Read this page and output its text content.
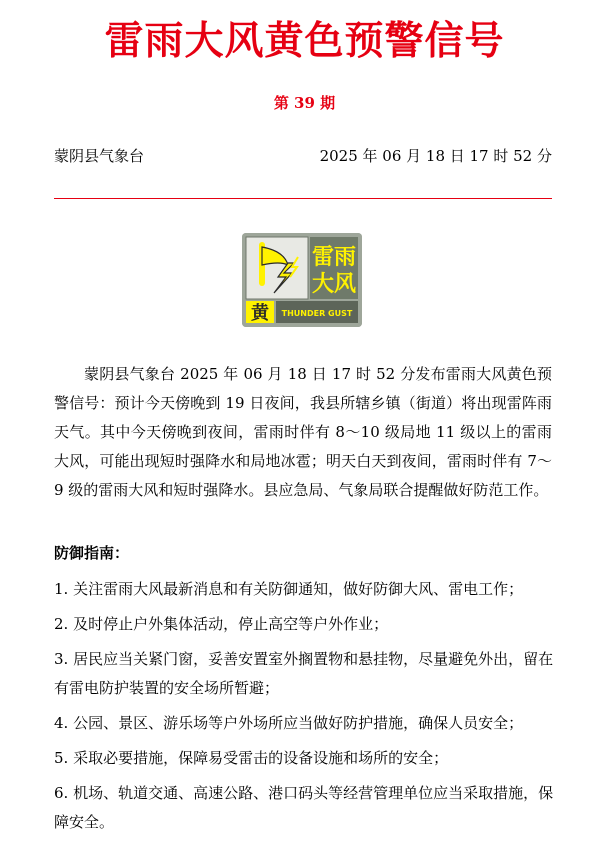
雷雨大风黄色预警信号
第 39 期
蒙阴县气象台	2025 年 06 月 18 日 17 时 52 分
雷雨
大风
黄 THUNDER GUST
蒙阴县气象台 2025 年 06 月 18 日 17 时 52 分发布雷雨大风黄色预警信号：预计今天傍晚到 19 日夜间，我县所辖乡镇（街道）将出现雷阵雨天气。其中今天傍晚到夜间，雷雨时伴有 8～10 级局地 11 级以上的雷雨大风，可能出现短时强降水和局地冰雹；明天白天到夜间，雷雨时伴有 7～9 级的雷雨大风和短时强降水。县应急局、气象局联合提醒做好防范工作。
防御指南：
1. 关注雷雨大风最新消息和有关防御通知，做好防御大风、雷电工作；
2. 及时停止户外集体活动，停止高空等户外作业；
3. 居民应当关紧门窗，妥善安置室外搁置物和悬挂物，尽量避免外出，留在有雷电防护装置的安全场所暂避；
4. 公园、景区、游乐场等户外场所应当做好防护措施，确保人员安全；
5. 采取必要措施，保障易受雷击的设备设施和场所的安全；
6. 机场、轨道交通、高速公路、港口码头等经营管理单位应当采取措施，保障安全。
